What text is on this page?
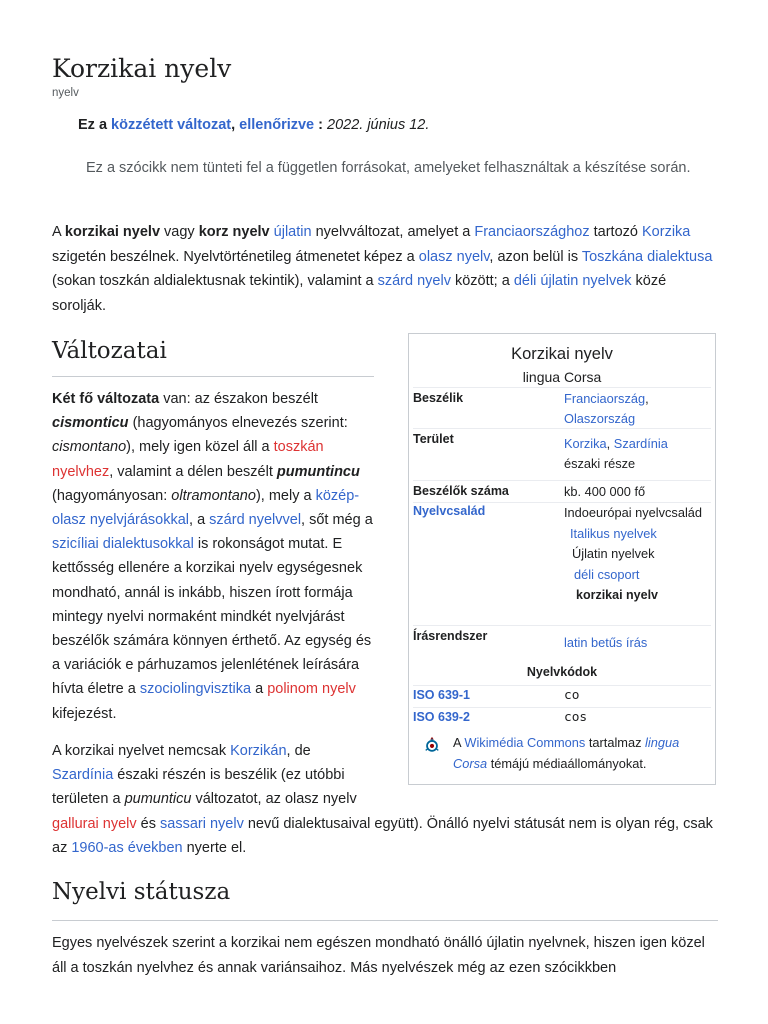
Korzikai nyelv
nyelv
Ez a közzétett változat, ellenőrizve : 2022. június 12.
Ez a szócikk nem tünteti fel a független forrásokat, amelyeket felhasználtak a készítése során.
A korzikai nyelv vagy korz nyelv újlatin nyelvváltozat, amelyet a Franciaországhoz tartozó Korzika szigetén beszélnek. Nyelvtörténetileg átmenetet képez a olasz nyelv, azon belül is Toszkána dialektusa (sokan toszkán aldialektusnak tekintik), valamint a szárd nyelv között; a déli újlatin nyelvek közé sorolják.
Változatai
Két fő változata van: az északon beszélt cismonticu (hagyományos elnevezés szerint: cismontano), mely igen közel áll a toszkán nyelvhez, valamint a délen beszélt pumuntincu (hagyományosan: oltramontano), mely a közép-olasz nyelvjárásokkal, a szárd nyelvvel, sőt még a szicíliai dialektusokkal is rokonságot mutat. E kettősség ellenére a korzikai nyelv egységesnek mondható, annál is inkább, hiszen írott formája mintegy nyelvi normaként mindkét nyelvjárást beszélők számára könnyen érthető. Az egység és a variációk e párhuzamos jelenlétének leírására hívta életre a szociolingvisztika a polinom nyelv kifejezést.
A korzikai nyelvet nemcsak Korzikán, de Szardínia északi részén is beszélik (ez utóbbi területen a pumunticu változatot, az olasz nyelv
gallurai nyelv és sassari nyelv nevű dialektusaival együtt). Önálló nyelvi státusát nem is olyan rég, csak az 1960-as években nyerte el.
Nyelvi státusza
Egyes nyelvészek szerint a korzikai nem egészen mondható önálló újlatin nyelvnek, hiszen igen közel áll a toszkán nyelvhez és annak variánsaihoz. Más nyelvészek még az ezen szócikkben
Korzikai nyelv
lingua Corsa
Beszélik	Franciaország,
Olaszország
Terület	Korzika, Szardínia
északi része
Beszélők száma	kb. 400 000 fő
Nyelvcsalád	Indoeurópai nyelvcsalád
Italikus nyelvek
Újlatin nyelvek
déli csoport
korzikai nyelv
Írásrendszer	latin betűs írás
Nyelvkódok
ISO 639-1	co
ISO 639-2	cos
A Wikimédia Commons tartalmaz lingua Corsa témájú médiaállományokat.
